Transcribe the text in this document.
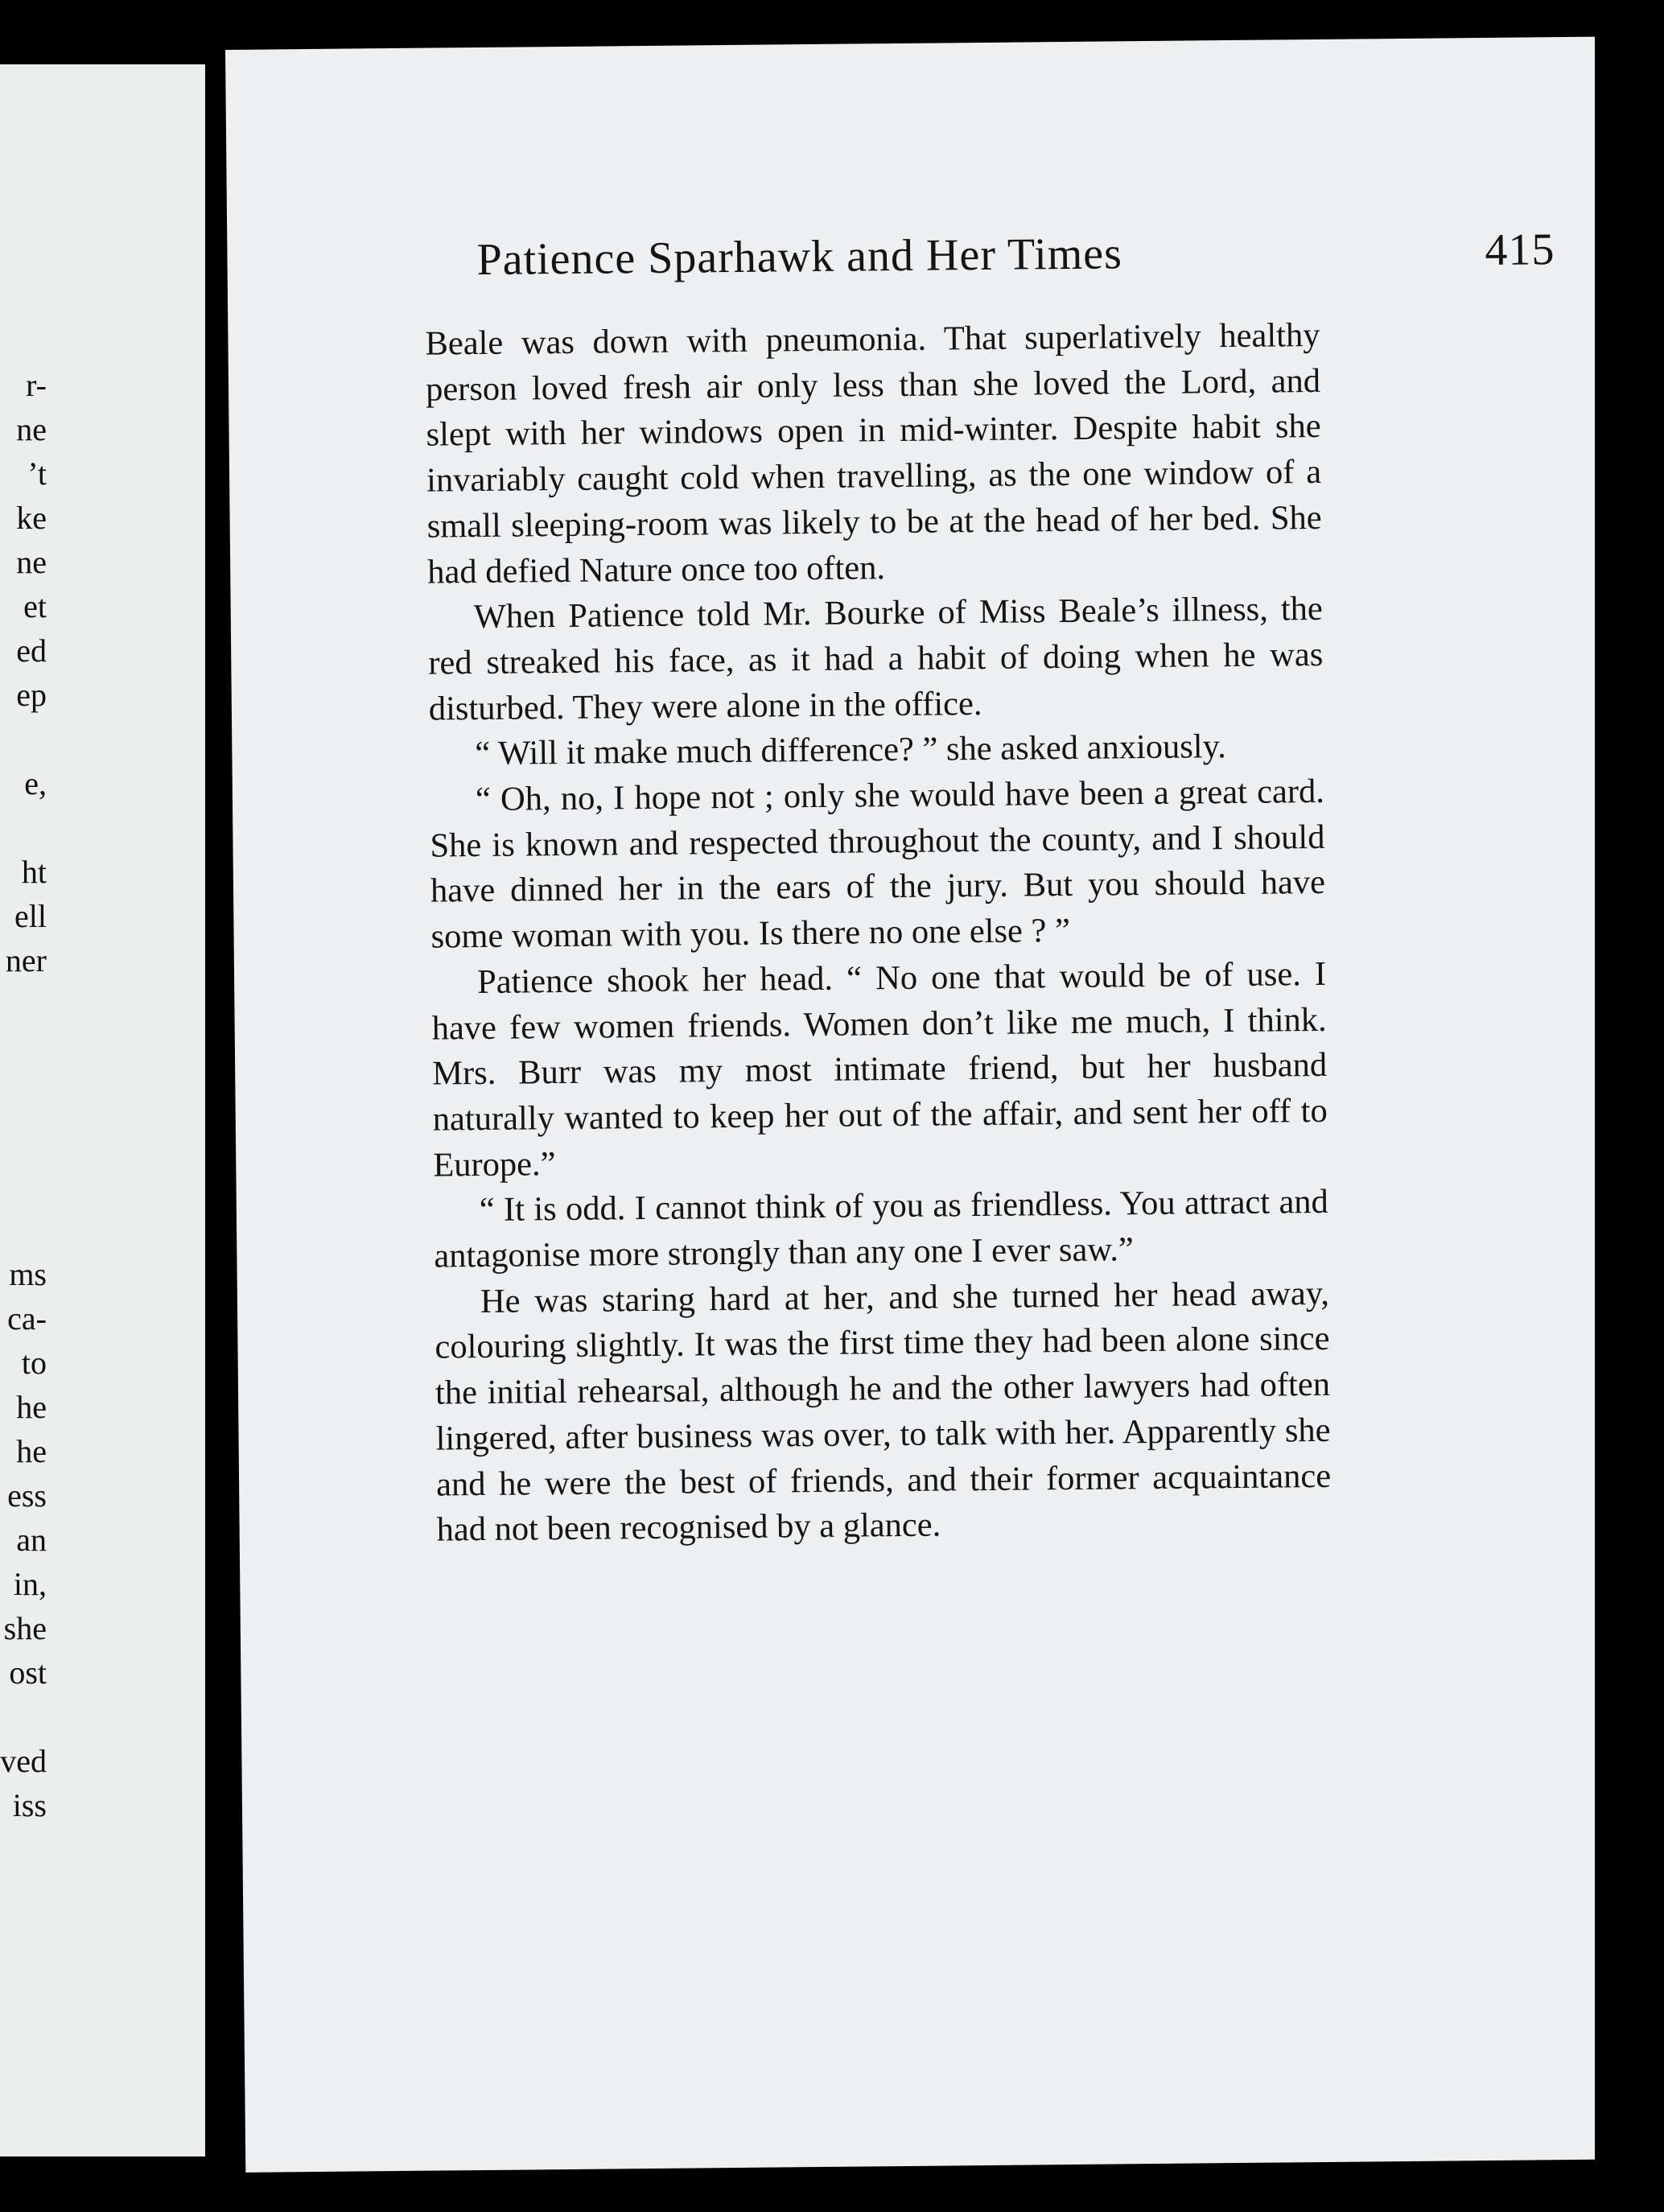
r-
ne
’t
ke
ne
et
ed
ep
e,
ht
ell
ner
ms
ca-
to
he
he
ess
an
in,
she
ost
ved
iss
Patience Sparhawk and Her Times	415

Beale was down with pneumonia. That superlatively healthy person loved fresh air only less than she loved the Lord, and slept with her windows open in mid-winter. Despite habit she invariably caught cold when travelling, as the one window of a small sleeping-room was likely to be at the head of her bed. She had defied Nature once too often.

When Patience told Mr. Bourke of Miss Beale’s illness, the red streaked his face, as it had a habit of doing when he was disturbed. They were alone in the office.

“ Will it make much difference? ” she asked anxiously.

“ Oh, no, I hope not ; only she would have been a great card. She is known and respected throughout the county, and I should have dinned her in the ears of the jury. But you should have some woman with you. Is there no one else ? ”

Patience shook her head. “ No one that would be of use. I have few women friends. Women don’t like me much, I think. Mrs. Burr was my most intimate friend, but her husband naturally wanted to keep her out of the affair, and sent her off to Europe.”

“ It is odd. I cannot think of you as friendless. You attract and antagonise more strongly than any one I ever saw.”

He was staring hard at her, and she turned her head away, colouring slightly. It was the first time they had been alone since the initial rehearsal, although he and the other lawyers had often lingered, after business was over, to talk with her. Apparently she and he were the best of friends, and their former acquaintance had not been recognised by a glance.
